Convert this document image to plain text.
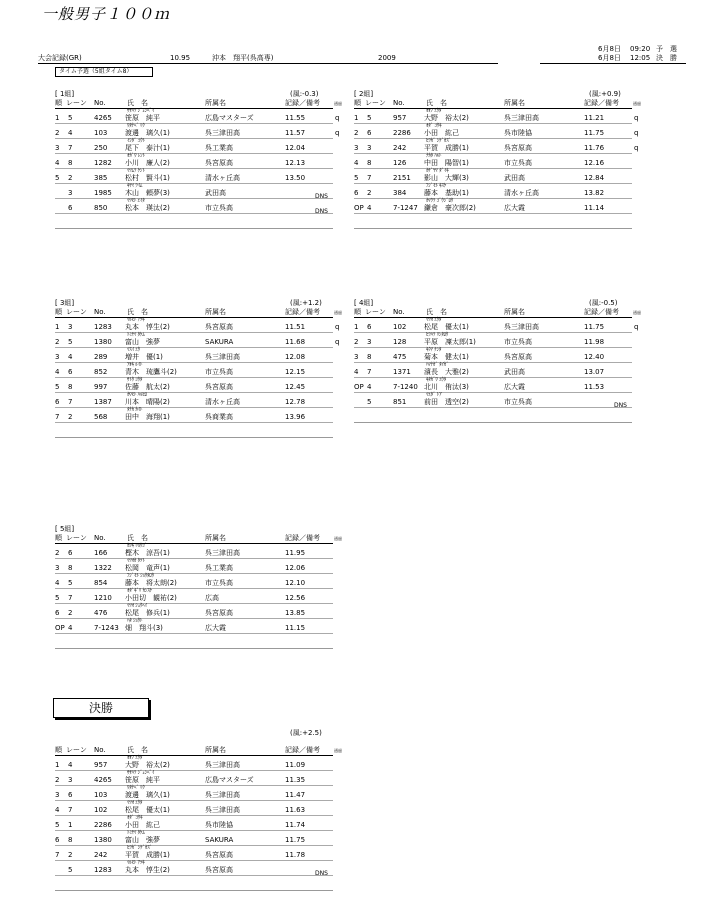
一般男子１００ｍ
大会記録(GR)	10.95	沖本　翔平(呉高専)	2009
6月8日 09:20 予　選
6月8日 12:05 決　勝
タイム予選（5組タイム8）
[ 1組]	(風:-0.3)
順 レーン No.	氏　名	所属名	記録／備考	通過
ｻｻﾊﾗ ｼﾞｭﾝﾍﾟｲ
1 5	4265 笹原　純平	広島マスターズ	11.55	q
ﾜﾀﾅﾍﾞ ﾘｸ
2 4	103	渡邊　璃久(1)	呉三津田高	11.57	q
ｲｼﾀﾞ ﾕｳﾄ
3 7	250	尾下　泰汁(1)	呉工業高	12.04
ｵｶﾞﾜ ﾚﾝﾄ
4 8	1282 小川　廉人(2)	呉宮原高	12.13
ﾏﾂﾑﾗ ｹﾝﾄ
5 2	385	松村　賢斗(1)	清水ヶ丘高	13.50
ｷﾔﾏ ﾗｲﾑ
3	1985 木山　頼夢(3)	武田高	DNS
ﾏﾂﾓﾄ ｴｲﾀ
6	850	松本　瑛汰(2)	市立呉高	DNS
[ 2組]	(風:+0.9)
順 レーン No.	氏　名	所属名	記録／備考	通過
ｵｵﾉ ﾕｳﾀ
1 5	957	大野　裕太(2)	呉三津田高	11.21	q
ｵﾀﾞ ｺｳｷ
2 6	2286 小田　紘己	呉市陸協	11.75	q
ﾋﾗｶﾞ ｼｹﾞｶｽﾞ
3 3	242	平賀　成勝(1)	呉宮原高	11.76	q
ﾅｶﾀ ﾊﾙﾄ
4 8	126	中田　陽智(1)	市立呉高	12.16
ｶｹﾞﾔﾏ ﾀﾞｲｷ
5 7	2151 影山　大輝(3)	武田高	12.84
ﾌｼﾞﾓﾄ ｷｽｹ
6 2	384	藤本　基助(1)	清水ヶ丘高	13.82
ｶﾏｸﾗ ｺﾞｳｼﾞﾛｳ
OP 4	7-1247 鎌倉　豪次郎(2)	広大霞	11.14
[ 3組]	(風:+1.2)
順 レーン No.	氏　名	所属名	記録／備考	通過
ﾏﾙﾓﾄ ｱﾂｷ
1 3	1283 丸本　惇生(2)	呉宮原高	11.51	q
ﾄﾐﾔﾏ ﾀｹﾑ
2 5	1380 富山　強夢	SAKURA	11.68	q
ﾏｽｲ ﾕｳ
3 4	289	増井　優(1)	呉三津田高	12.08
ｱｵｷ ﾙｲﾄ
4 6	852	青木　琉鷹斗(2)	市立呉高	12.15
ｻﾄｳ ｺｳﾀ
5 8	997	佐藤　航太(2)	呉宮原高	12.45
ｶﾜﾓﾄ ﾊﾙﾋﾛ
6 7	1387 川本　晴陽(2)	清水ヶ丘高	12.78
ﾀﾅｶ ｶｲﾄ
7 2	568	田中　海翔(1)	呉商業高	13.96
[ 4組]	(風:-0.5)
順 レーン No.	氏　名	所属名	記録／備考	通過
ﾏﾂｵ ﾕｳﾀ
1 6	102	松尾　優太(1)	呉三津田高	11.75	q
ﾋﾗﾊﾗ ﾘﾝﾀﾛｳ
2 3	128	平原　凜太郎(1)	市立呉高	11.98
ｷｸﾁ ｹﾝﾀ
3 8	475	菊本　健太(1)	呉宮原高	12.40
ﾊﾏﾅｶﾞ ﾀｲｶﾞ
4 7	1371 濱長　大雅(2)	武田高	13.07
ｷﾀｶﾞﾜ ﾕｳﾀ
OP 4	7-1240 北川　侑汰(3)	広大霞	11.53
ﾏｴﾀﾞ ﾄｱ
5	851	前田　透空(2)	市立呉高	DNS
[ 5組]
順 レーン No.	氏　名	所属名	記録／備考	通過
ｶﾝｷ ﾘｮｳｺﾞ
2 6	166	樫木　涼吾(1)	呉三津田高	11.95
ﾏﾂｵｶ ﾀﾂﾄ
3 8	1322 松岡　竜声(1)	呉工業高	12.06
ﾌｼﾞﾓﾄ ｼｮｳﾀﾛｳ
4 5	854	藤本　将太朗(2)	市立呉高	12.10
ｵﾀﾞｷﾞﾘ ｶﾝｽｹ
5 7	1210 小田切　観祐(2)	広高	12.56
ﾏﾂｵ ｼｭｳﾍｲ
6 2	476	松尾　修兵(1)	呉宮原高	13.85
ﾊﾀ ｼｮｳﾄ
OP 4	7-1243 畑　翔斗(3)	広大霞	11.15
決勝
(風:+2.5)
順 レーン No.	氏　名	所属名	記録／備考	通過
ｵｵﾉ ﾕｳﾀ
1 4	957	大野　裕太(2)	呉三津田高	11.09
ｻｻﾊﾗ ｼﾞｭﾝﾍﾟｲ
2 3	4265 笹原　純平	広島マスターズ	11.35
ﾜﾀﾅﾍﾞ ﾘｸ
3 6	103	渡邊　璃久(1)	呉三津田高	11.47
ﾏﾂｵ ﾕｳﾀ
4 7	102	松尾　優太(1)	呉三津田高	11.63
ｵﾀﾞ ｺｳｷ
5 1	2286 小田　紘己	呉市陸協	11.74
ﾄﾐﾔﾏ ﾀｹﾑ
6 8	1380 富山　強夢	SAKURA	11.75
ﾋﾗｶﾞ ｼｹﾞｶｽﾞ
7 2	242	平賀　成勝(1)	呉宮原高	11.78
ﾏﾙﾓﾄ ｱﾂｷ
5	1283 丸本　惇生(2)	呉宮原高	DNS
